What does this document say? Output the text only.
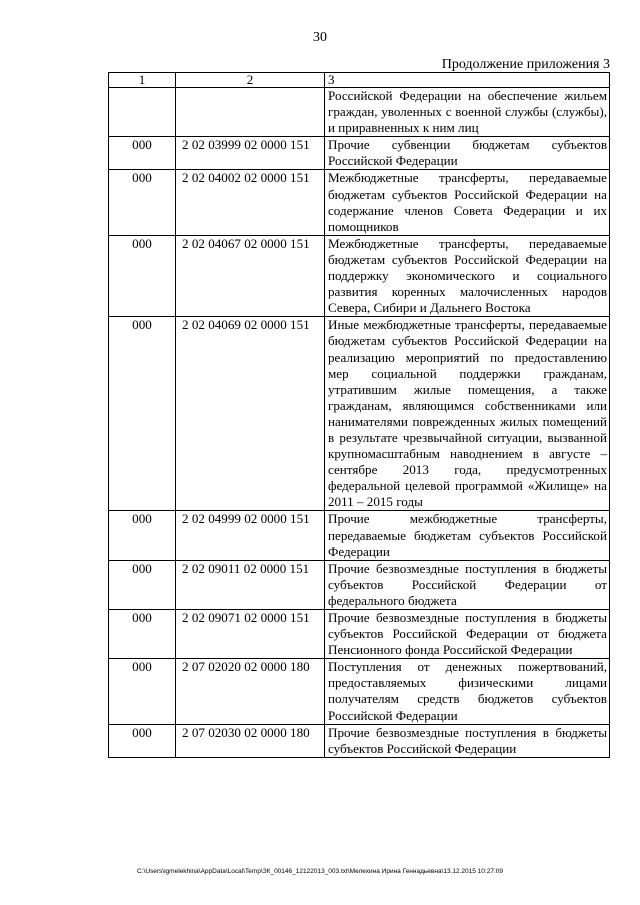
30
Продолжение приложения 3
1	2	3
		Российской Федерации на обеспечение жильем граждан, уволенных с военной службы (службы), и приравненных к ним лиц
000	2 02 03999 02 0000 151	Прочие субвенции бюджетам субъектов Российской Федерации
000	2 02 04002 02 0000 151	Межбюджетные трансферты, передаваемые бюджетам субъектов Российской Федерации на содержание членов Совета Федерации и их помощников
000	2 02 04067 02 0000 151	Межбюджетные трансферты, передаваемые бюджетам субъектов Российской Федерации на поддержку экономического и социального развития коренных малочисленных народов Севера, Сибири и Дальнего Востока
000	2 02 04069 02 0000 151	Иные межбюджетные трансферты, передаваемые бюджетам субъектов Российской Федерации на реализацию мероприятий по предоставлению мер социальной поддержки гражданам, утратившим жилые помещения, а также гражданам, являющимся собственниками или нанимателями поврежденных жилых помещений в результате чрезвычайной ситуации, вызванной крупномасштабным наводнением в августе – сентябре 2013 года, предусмотренных федеральной целевой программой «Жилище» на 2011 – 2015 годы
000	2 02 04999 02 0000 151	Прочие межбюджетные трансферты, передаваемые бюджетам субъектов Российской Федерации
000	2 02 09011 02 0000 151	Прочие безвозмездные поступления в бюджеты субъектов Российской Федерации от федерального бюджета
000	2 02 09071 02 0000 151	Прочие безвозмездные поступления в бюджеты субъектов Российской Федерации от бюджета Пенсионного фонда Российской Федерации
000	2 07 02020 02 0000 180	Поступления от денежных пожертвований, предоставляемых физическими лицами получателям средств бюджетов субъектов Российской Федерации
000	2 07 02030 02 0000 180	Прочие безвозмездные поступления в бюджеты субъектов Российской Федерации
C:\Users\igmelekhina\AppData\Local\Temp\ЗК_00146_12122013_003.txt\Мелехина Ирина Геннадьевна\13.12.2015 10:27:09
